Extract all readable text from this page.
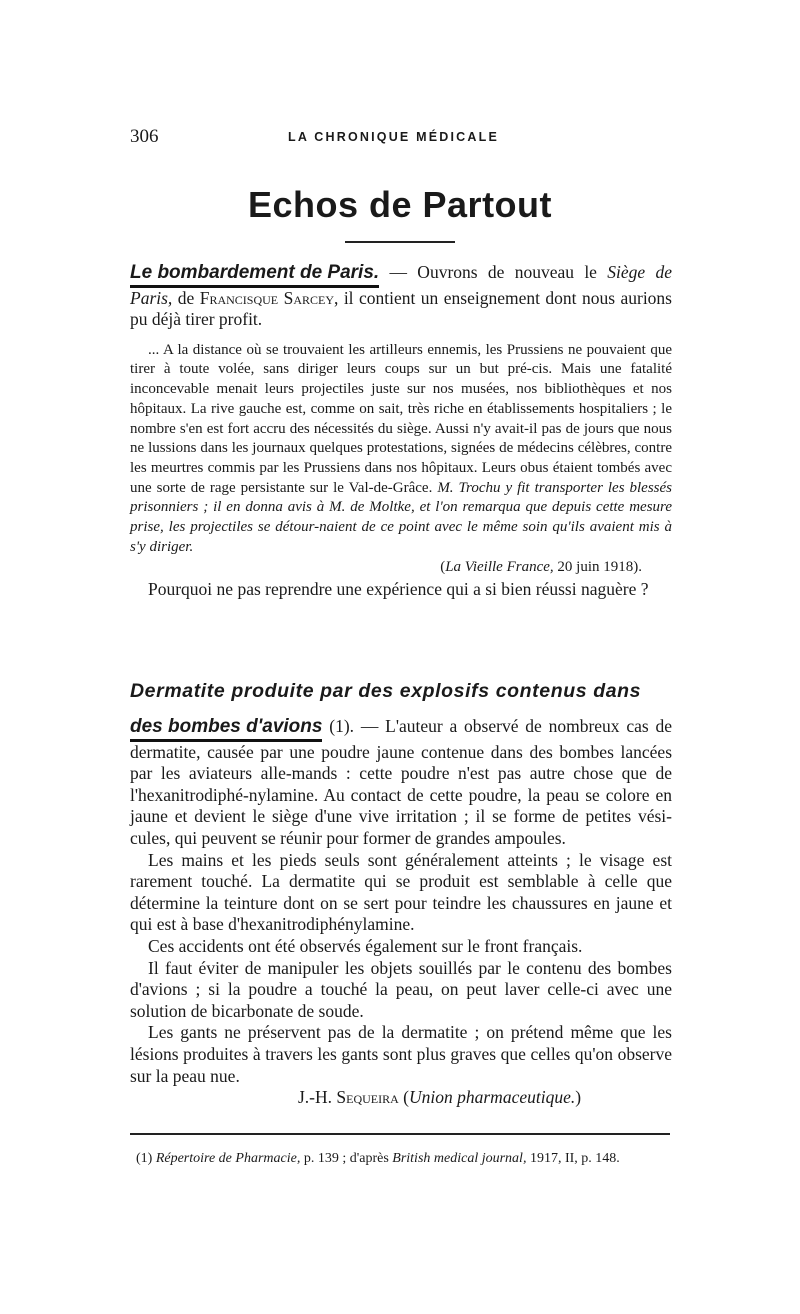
306	LA CHRONIQUE MÉDICALE
Echos de Partout

Le bombardement de Paris. — Ouvrons de nouveau le Siège de Paris, de Francisque Sarcey, il contient un enseignement dont nous aurions pu déjà tirer profit.

... A la distance où se trouvaient les artilleurs ennemis, les Prussiens ne pouvaient que tirer à toute volée, sans diriger leurs coups sur un but pré-cis. Mais une fatalité inconcevable menait leurs projectiles juste sur nos musées, nos bibliothèques et nos hôpitaux. La rive gauche est, comme on sait, très riche en établissements hospitaliers ; le nombre s'en est fort accru des nécessités du siège. Aussi n'y avait-il pas de jours que nous ne lussions dans les journaux quelques protestations, signées de médecins célèbres, contre les meurtres commis par les Prussiens dans nos hôpitaux. Leurs obus étaient tombés avec une sorte de rage persistante sur le Val-de-Grâce. M. Trochu y fit transporter les blessés prisonniers ; il en donna avis à M. de Moltke, et l'on remarqua que depuis cette mesure prise, les projectiles se détour-naient de ce point avec le même soin qu'ils avaient mis à s'y diriger.

(La Vieille France, 20 juin 1918).

Pourquoi ne pas reprendre une expérience qui a si bien réussi naguère ?

Dermatite produite par des explosifs contenus dans

des bombes d'avions (1). — L'auteur a observé de nombreux cas de dermatite, causée par une poudre jaune contenue dans des bombes lancées par les aviateurs alle-mands : cette poudre n'est pas autre chose que de l'hexanitrodiphé-nylamine. Au contact de cette poudre, la peau se colore en jaune et devient le siège d'une vive irritation ; il se forme de petites vési-cules, qui peuvent se réunir pour former de grandes ampoules.

Les mains et les pieds seuls sont généralement atteints ; le visage est rarement touché. La dermatite qui se produit est semblable à celle que détermine la teinture dont on se sert pour teindre les chaussures en jaune et qui est à base d'hexanitrodiphénylamine.

Ces accidents ont été observés également sur le front français.

Il faut éviter de manipuler les objets souillés par le contenu des bombes d'avions ; si la poudre a touché la peau, on peut laver celle-ci avec une solution de bicarbonate de soude.

Les gants ne préservent pas de la dermatite ; on prétend même que les lésions produites à travers les gants sont plus graves que celles qu'on observe sur la peau nue.

J.-H. Sequeira (Union pharmaceutique.)

(1) Répertoire de Pharmacie, p. 139 ; d'après British medical journal, 1917, II, p. 148.
